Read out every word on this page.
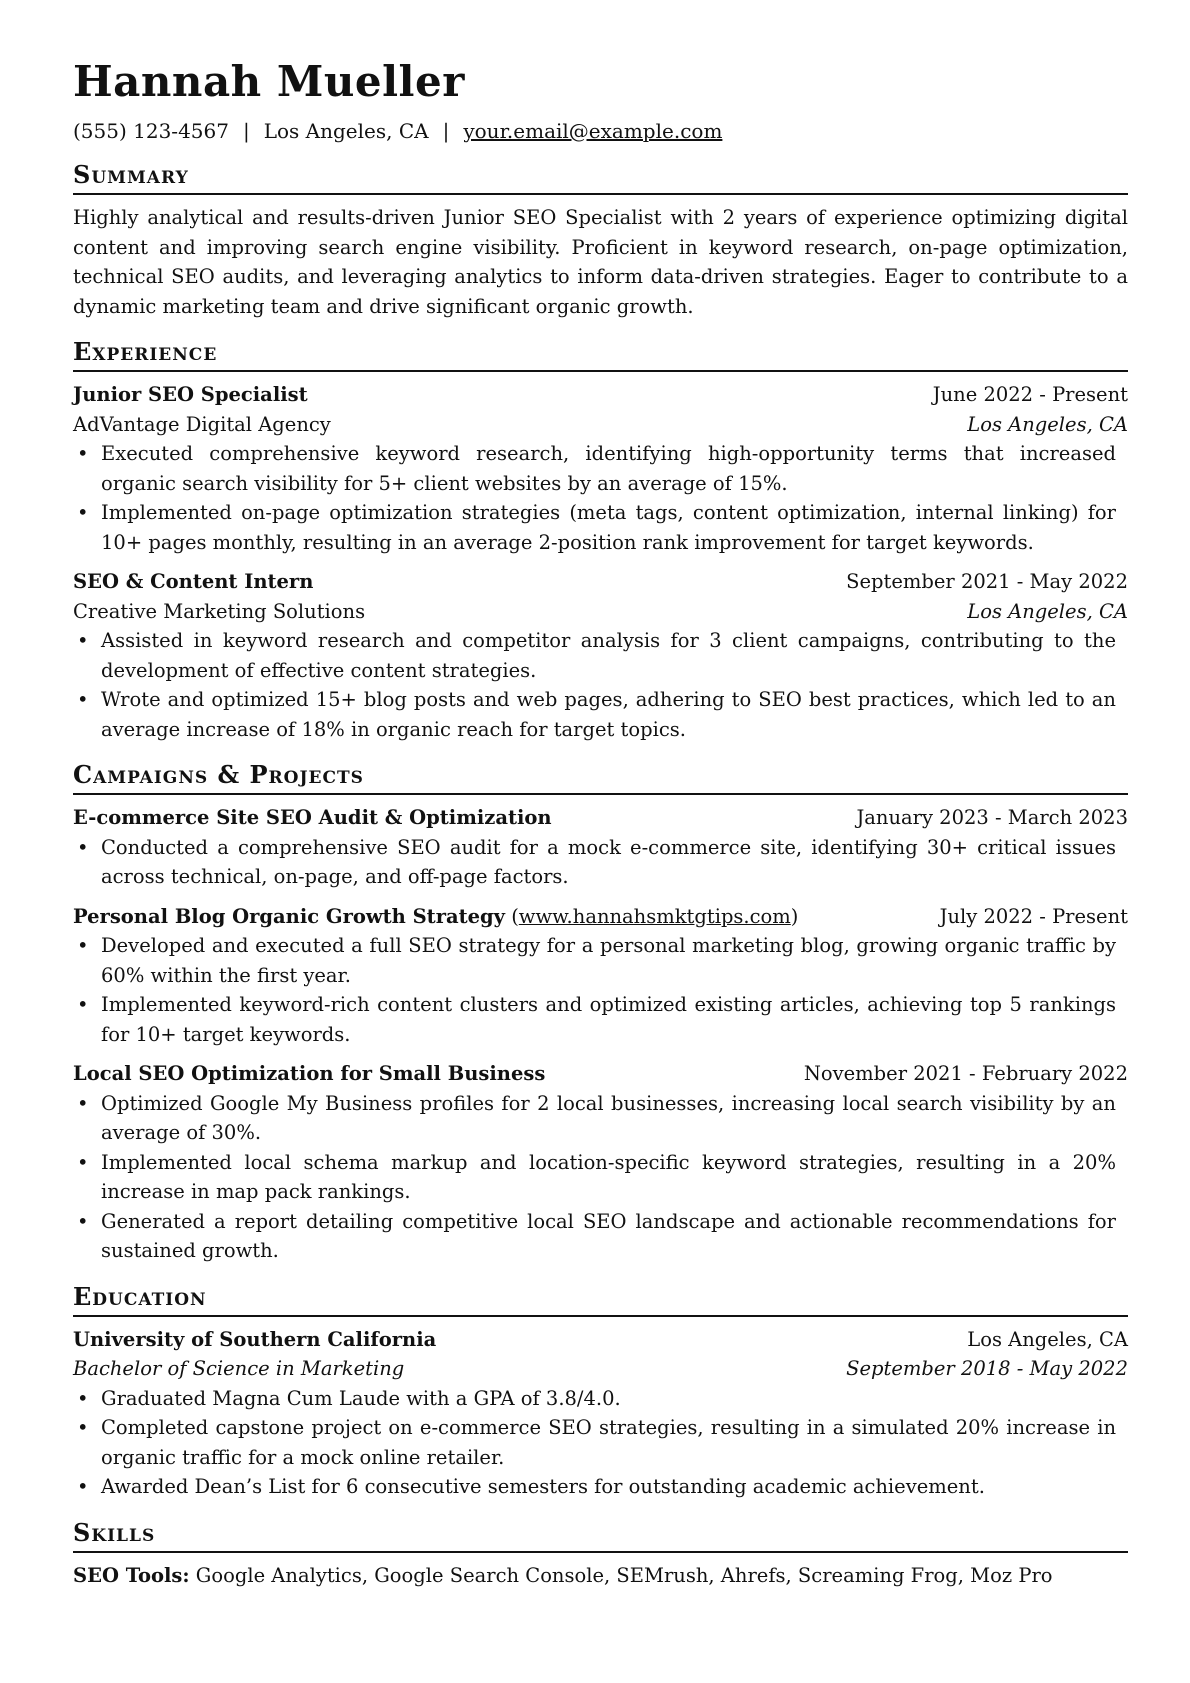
Hannah Mueller
(555) 123-4567 | Los Angeles, CA | your.email@example.com
Summary

Highly analytical and results-driven Junior SEO Specialist with 2 years of experience optimizing digital content and improving search engine visibility. Proficient in keyword research, on-page optimization, technical SEO audits, and leveraging analytics to inform data-driven strategies. Eager to contribute to a dynamic marketing team and drive significant organic growth.

Experience
Junior SEO Specialist	June 2022 - Present
AdVantage Digital Agency	Los Angeles, CA
• Executed comprehensive keyword research, identifying high-opportunity terms that increased organic search visibility for 5+ client websites by an average of 15%.
• Implemented on-page optimization strategies (meta tags, content optimization, internal linking) for 10+ pages monthly, resulting in an average 2-position rank improvement for target keywords.
SEO & Content Intern	September 2021 - May 2022
Creative Marketing Solutions	Los Angeles, CA
• Assisted in keyword research and competitor analysis for 3 client campaigns, contributing to the development of effective content strategies.
• Wrote and optimized 15+ blog posts and web pages, adhering to SEO best practices, which led to an average increase of 18% in organic reach for target topics.
Campaigns & Projects
E-commerce Site SEO Audit & Optimization	January 2023 - March 2023
• Conducted a comprehensive SEO audit for a mock e-commerce site, identifying 30+ critical issues across technical, on-page, and off-page factors.
Personal Blog Organic Growth Strategy (www.hannahsmktgtips.com)	July 2022 - Present
• Developed and executed a full SEO strategy for a personal marketing blog, growing organic traffic by 60% within the first year.
• Implemented keyword-rich content clusters and optimized existing articles, achieving top 5 rankings for 10+ target keywords.
Local SEO Optimization for Small Business	November 2021 - February 2022
• Optimized Google My Business profiles for 2 local businesses, increasing local search visibility by an average of 30%.
• Implemented local schema markup and location-specific keyword strategies, resulting in a 20% increase in map pack rankings.
• Generated a report detailing competitive local SEO landscape and actionable recommendations for sustained growth.
Education
University of Southern California	Los Angeles, CA
Bachelor of Science in Marketing	September 2018 - May 2022
• Graduated Magna Cum Laude with a GPA of 3.8/4.0.
• Completed capstone project on e-commerce SEO strategies, resulting in a simulated 20% increase in organic traffic for a mock online retailer.
• Awarded Dean’s List for 6 consecutive semesters for outstanding academic achievement.
Skills
SEO Tools: Google Analytics, Google Search Console, SEMrush, Ahrefs, Screaming Frog, Moz Pro
